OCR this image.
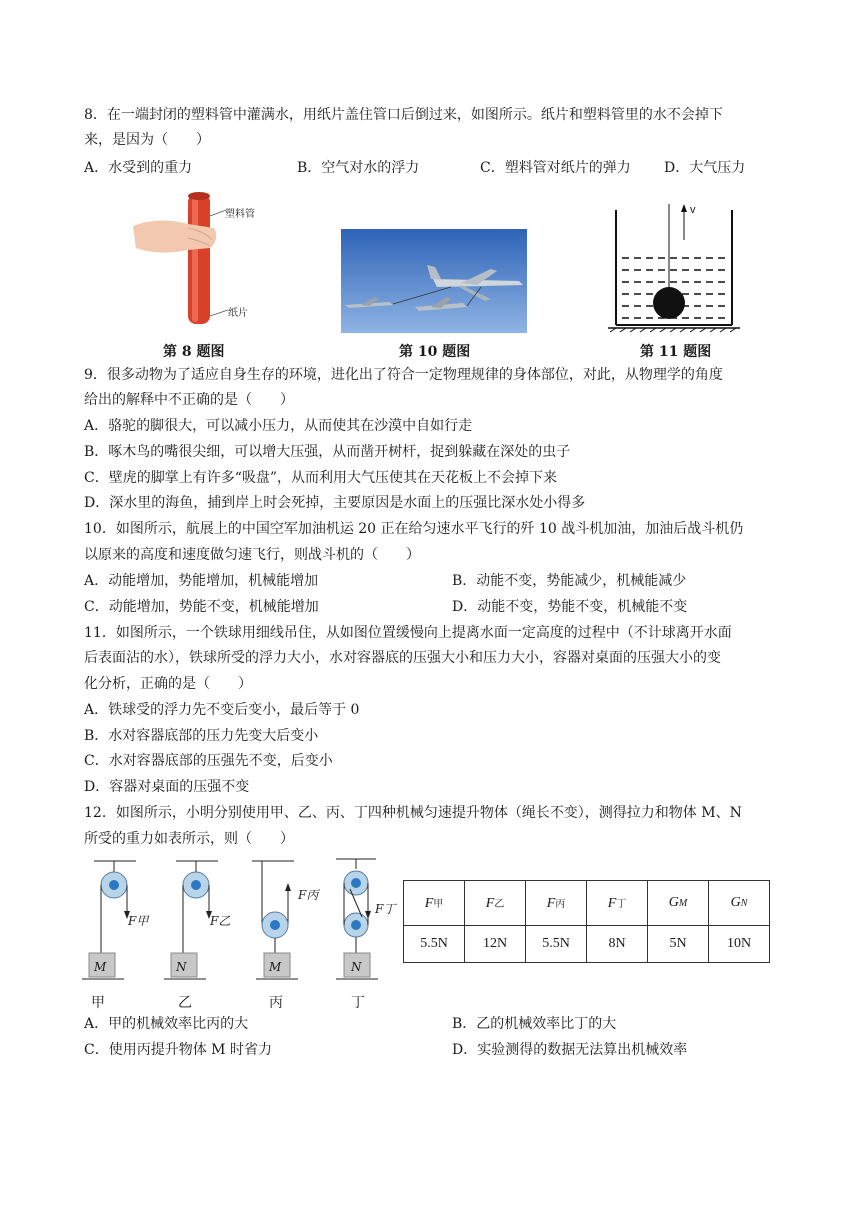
8．在一端封闭的塑料管中灌满水，用纸片盖住管口后倒过来，如图所示。纸片和塑料管里的水不会掉下
来，是因为（　　）
A．水受到的重力	B．空气对水的浮力	C．塑料管对纸片的弹力 D．大气压力
塑料管
纸片
第 8 题图	第 10 题图
v
第 11 题图
9．很多动物为了适应自身生存的环境，进化出了符合一定物理规律的身体部位，对此，从物理学的角度
给出的解释中不正确的是（　　）
A．骆驼的脚很大，可以减小压力，从而使其在沙漠中自如行走
B．啄木鸟的嘴很尖细，可以增大压强，从而凿开树杆，捉到躲藏在深处的虫子
C．壁虎的脚掌上有许多“吸盘”，从而利用大气压使其在天花板上不会掉下来
D．深水里的海鱼，捕到岸上时会死掉，主要原因是水面上的压强比深水处小得多
10．如图所示，航展上的中国空军加油机运 20 正在给匀速水平飞行的歼 10 战斗机加油，加油后战斗机仍
以原来的高度和速度做匀速飞行，则战斗机的（　　）
A．动能增加，势能增加，机械能增加	B．动能不变，势能减少，机械能减少
C．动能增加，势能不变，机械能增加	D．动能不变，势能不变，机械能不变
11．如图所示，一个铁球用细线吊住，从如图位置缓慢向上提离水面一定高度的过程中（不计球离开水面
后表面沾的水），铁球所受的浮力大小，水对容器底的压强大小和压力大小，容器对桌面的压强大小的变
化分析，正确的是（　　）
A．铁球受的浮力先不变后变小，最后等于 0
B．水对容器底部的压力先变大后变小
C．水对容器底部的压强先不变，后变小
D．容器对桌面的压强不变
12．如图所示，小明分别使用甲、乙、丙、丁四种机械匀速提升物体（绳长不变），测得拉力和物体 M、N
所受的重力如表所示，则（　　）
F甲	F乙
F丙
F丁
M	N	M	N
甲	乙	丙	丁
F甲	F乙	F丙	F丁	GM	GN
5.5N	12N	5.5N	8N	5N	10N
A．甲的机械效率比丙的大	B．乙的机械效率比丁的大
C．使用丙提升物体 M 时省力	D．实验测得的数据无法算出机械效率
